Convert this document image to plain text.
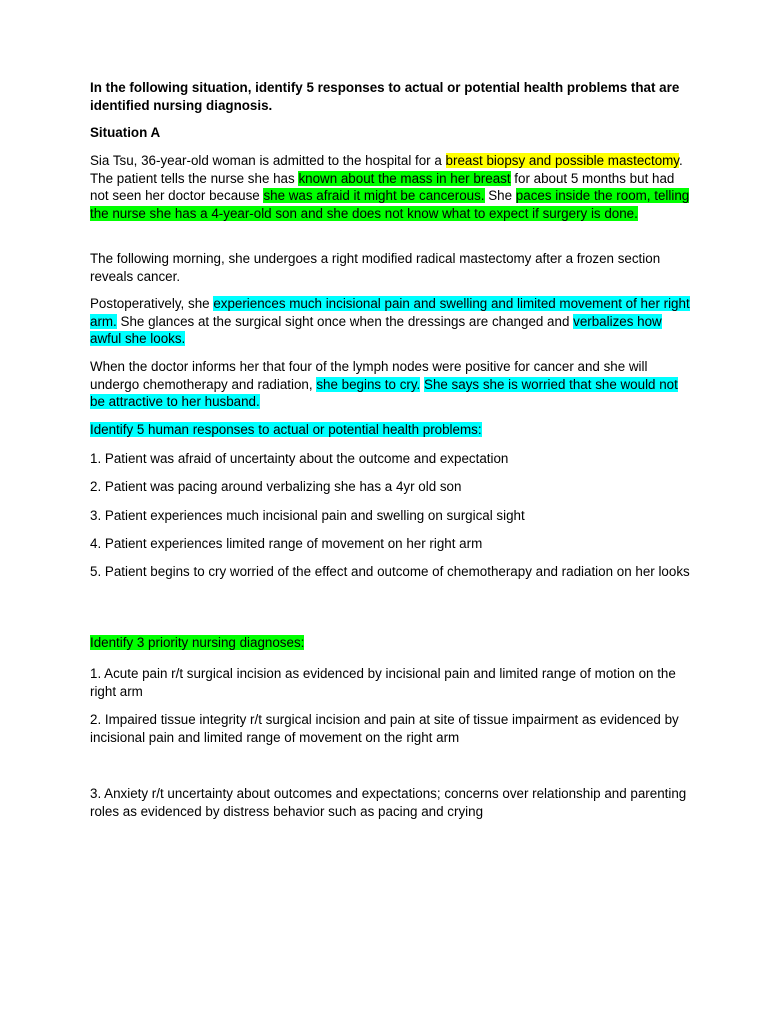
In the following situation, identify 5 responses to actual or potential health problems that are identified nursing diagnosis.

Situation A

Sia Tsu, 36-year-old woman is admitted to the hospital for a breast biopsy and possible mastectomy. The patient tells the nurse she has known about the mass in her breast for about 5 months but had not seen her doctor because she was afraid it might be cancerous. She paces inside the room, telling the nurse she has a 4-year-old son and she does not know what to expect if surgery is done.

The following morning, she undergoes a right modified radical mastectomy after a frozen section reveals cancer.

Postoperatively, she experiences much incisional pain and swelling and limited movement of her right arm. She glances at the surgical sight once when the dressings are changed and verbalizes how awful she looks.

When the doctor informs her that four of the lymph nodes were positive for cancer and she will undergo chemotherapy and radiation, she begins to cry. She says she is worried that she would not be attractive to her husband.

Identify 5 human responses to actual or potential health problems:

1. Patient was afraid of uncertainty about the outcome and expectation

2. Patient was pacing around verbalizing she has a 4yr old son

3. Patient experiences much incisional pain and swelling on surgical sight

4. Patient experiences limited range of movement on her right arm

5. Patient begins to cry worried of the effect and outcome of chemotherapy and radiation on her looks

Identify 3 priority nursing diagnoses:

1. Acute pain r/t surgical incision as evidenced by incisional pain and limited range of motion on the right arm

2. Impaired tissue integrity r/t surgical incision and pain at site of tissue impairment as evidenced by incisional pain and limited range of movement on the right arm

3. Anxiety r/t uncertainty about outcomes and expectations; concerns over relationship and parenting roles as evidenced by distress behavior such as pacing and crying
